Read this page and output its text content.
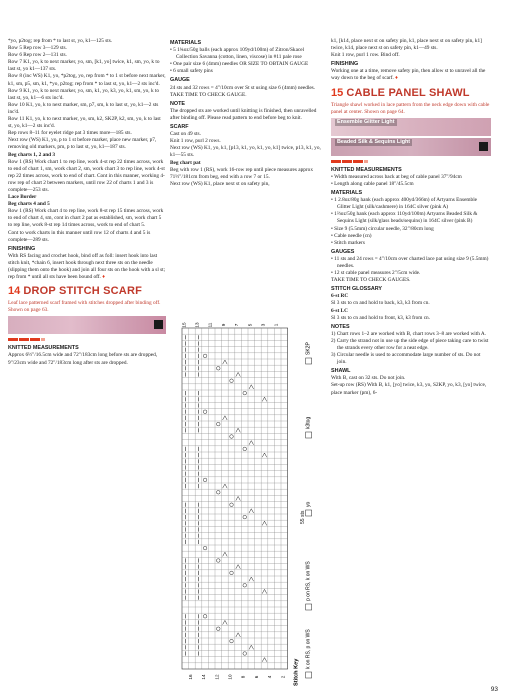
*yo, p2tog; rep from * to last st, yo, k1—125 sts.

Row 5 Rep row 3—129 sts.

Row 6 Rep row 2—131 sts.

Row 7 K1, yo, k to next marker, yo, sm, [k1, yo] twice, k1, sm, yo, k to last st, yo k1—137 sts.

Row 8 (inc WS) K1, yo, *p2tog, yo, rep from * to 1 st before next marker, k1, sm, p5, sm, k1, *yo, p2tog; rep from * to last st, yo, k1—2 sts inc'd.

Row 9 K1, yo, k to next marker, yo, sm, k1, yo, k3, yo, k1, sm, yo, k to last st, yo, k1—6 sts inc'd.

Row 10 K1, yo, k to next marker, sm, p7, sm, k to last st, yo, k1—2 sts inc'd.

Row 11 K1, yo, k to next marker, yo, sm, k2, SK2P, k2, sm, yo, k to last st, yo, k1—2 sts inc'd.

Rep rows 8–11 for eyelet ridge pat 3 times more—185 sts.

Next row (WS) K1, yo, p to 1 st before marker, place new marker, p7, removing old markers, pm, p to last st, yo, k1—187 sts.

Beg charts 1, 2 and 3

Row 1 (RS) Work chart 1 to rep line, work 4-st rep 22 times across, work to end of chart 1, sm, work chart 2, sm, work chart 3 to rep line, work 4-st rep 22 times across, work to end of chart. Cont in this manner, working 4-row rep of chart 2 between markers, until row 22 of charts 1 and 3 is complete—253 sts.

Lace Border

Beg charts 4 and 5

Row 1 (RS) Work chart 4 to rep line, work 8-st rep 15 times across, work to end of chart 4, sm, cont in chart 2 pat as established, sm, work chart 5 to rep line, work 8-st rep 14 times across, work to end of chart 5.

Cont to work charts in this manner until row 12 of charts 4 and 5 is complete—289 sts.

FINISHING

With RS facing and crochet hook, bind off as foll: insert hook into last stitch knit, *chain 6, insert hook through next three sts on the needle (slipping them onto the hook) and join all four sts on the hook with a sl st; rep from * until all sts have been bound off. ♦

14 DROP STITCH SCARF

Leaf lace patterned scarf framed with stitches dropped after binding off. Shown on page 63.

KNITTED MEASUREMENTS

Approx 6½"/16.5cm wide and 72"/183cm long before sts are dropped, 9"/23cm wide and 72"/183cm long after sts are dropped.

MATERIALS

• 5 1¾oz/50g balls (each approx 109yd/100m) of Zitron/Skacel Collection Savanna (cotton, linen, viscose) in #11 pale rose

• One pair size 6 (4mm) needles OR SIZE TO OBTAIN GAUGE

• 6 small safety pins

GAUGE

24 sts and 32 rows = 4"/10cm over St st using size 6 (4mm) needles.

TAKE TIME TO CHECK GAUGE.

NOTE

The dropped sts are worked until knitting is finished, then unravelled after binding off. Please read pattern to end before beg to knit.

SCARF

Cast on 49 sts.

Knit 1 row, purl 2 rows.

Next row (WS) K1, yo, k1, [p13, k1, yo, k1, yo, k1] twice, p13, k1, yo, k1—55 sts.

Beg chart pat

Beg with row 1 (RS), work 16-row rep until piece measures approx 71½"/181cm from beg, end with a row 7 or 15.

Next row (WS) K1, place next st on safety pin,

15 13 11 9 7 5 3 1
16 14 12 10 8 6 4 2
k on RS, p on WS
p on RS, k on WS
yo
k3tog
SK2P
Stitch Key
55 sts

k1, [k14, place next st on safety pin, k1, place next st on safety pin, k1] twice, k14, place next st on safety pin, k1—49 sts.

Knit 1 row, purl 1 row. Bind off.

FINISHING

Working one at a time, remove safety pin, then allow st to unravel all the way down to the beg of scarf. ♦

15 CABLE PANEL SHAWL

Triangle shawl worked in lace pattern from the neck edge down with cable panel at center. Shown on page 64.

Ensemble Glitter Light
Beaded Silk & Sequins Light

KNITTED MEASUREMENTS

• Width measured across back at beg of cable panel 37"/94cm

• Length along cable panel 18"/45.5cm

MATERIALS

• 1 2.8oz/80g hank (each approx 400yd/366m) of Artyarns Ensemble Glitter Light (silk/cashmere) in 164C silver (pink A)

• 1⅔oz/50g hank (each approx 110yd/100m) Artyarns Beaded Silk & Sequins Light (silk/glass beads/sequins) in 164C silver (pink B)

• Size 9 (5.5mm) circular needle, 32"/80cm long

• Cable needle (cn)

• Stitch markers

GAUGES

• 11 sts and 24 rows = 4"/10cm over charted lace pat using size 9 (5.5mm) needles.

• 12 st cable panel measures 2"/5cm wide.

TAKE TIME TO CHECK GAUGES.

STITCH GLOSSARY

6-st RC

Sl 3 sts to cn and hold to back, k3, k3 from cn.

6-st LC

Sl 3 sts to cn and hold to front, k3, k3 from cn.

NOTES

1) Chart rows 1–2 are worked with B, chart rows 3–8 are worked with A.

2) Carry the strand not in use up the side edge of piece taking care to twist the strands every other row for a neat edge.

3) Circular needle is used to accommodate large number of sts. Do not join.

SHAWL

With B, cast on 32 sts. Do not join.

Set-up row (RS) With B, k1, [yo] twice, k3, yo, S2KP, yo, k3, [yo] twice, place marker (pm), 6-

93
